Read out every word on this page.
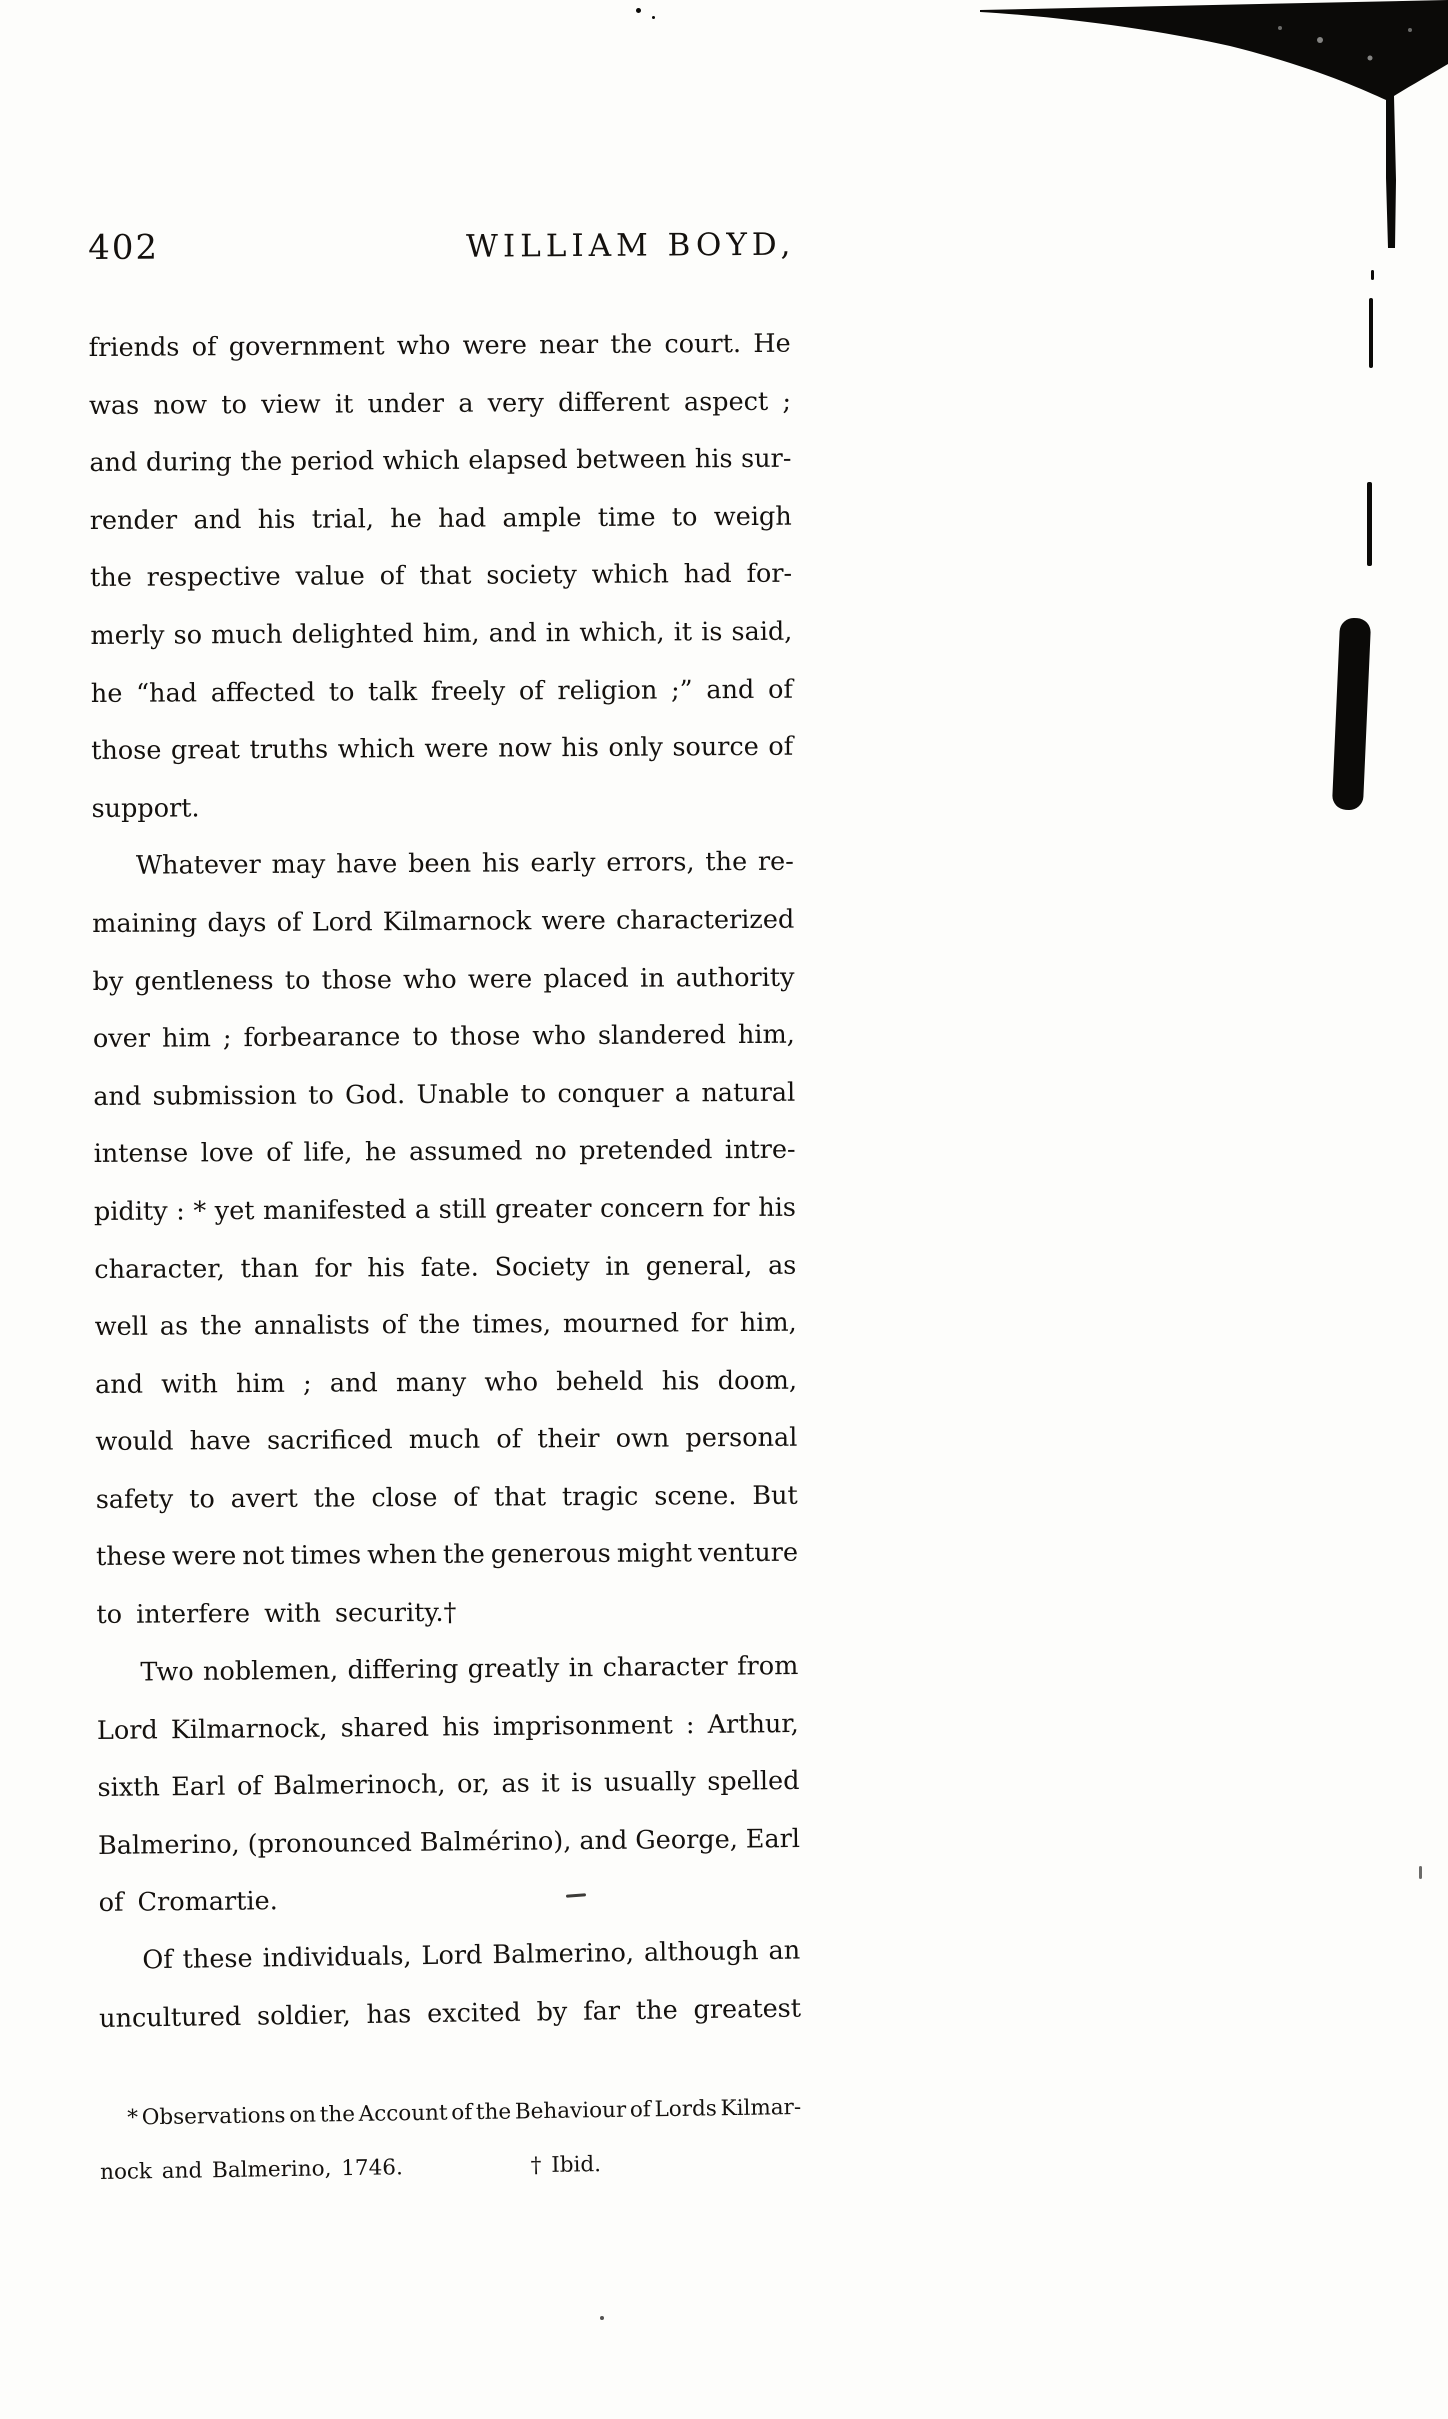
402	WILLIAM BOYD,
friends of government who were near the court. He
was now to view it under a very different aspect ;
and during the period which elapsed between his sur-
render and his trial, he had ample time to weigh
the respective value of that society which had for-
merly so much delighted him, and in which, it is said,
he “had affected to talk freely of religion ;” and of
those great truths which were now his only source of
support.
Whatever may have been his early errors, the re-
maining days of Lord Kilmarnock were characterized
by gentleness to those who were placed in authority
over him ; forbearance to those who slandered him,
and submission to God. Unable to conquer a natural
intense love of life, he assumed no pretended intre-
pidity : * yet manifested a still greater concern for his
character, than for his fate. Society in general, as
well as the annalists of the times, mourned for him,
and with him ; and many who beheld his doom,
would have sacrificed much of their own personal
safety to avert the close of that tragic scene. But
these were not times when the generous might venture
to interfere with security.†
Two noblemen, differing greatly in character from
Lord Kilmarnock, shared his imprisonment : Arthur,
sixth Earl of Balmerinoch, or, as it is usually spelled
Balmerino, (pronounced Balmérino), and George, Earl
of Cromartie.
Of these individuals, Lord Balmerino, although an
uncultured soldier, has excited by far the greatest
* Observations on the Account of the Behaviour of Lords Kilmar-
nock and Balmerino, 1746.	† Ibid.
